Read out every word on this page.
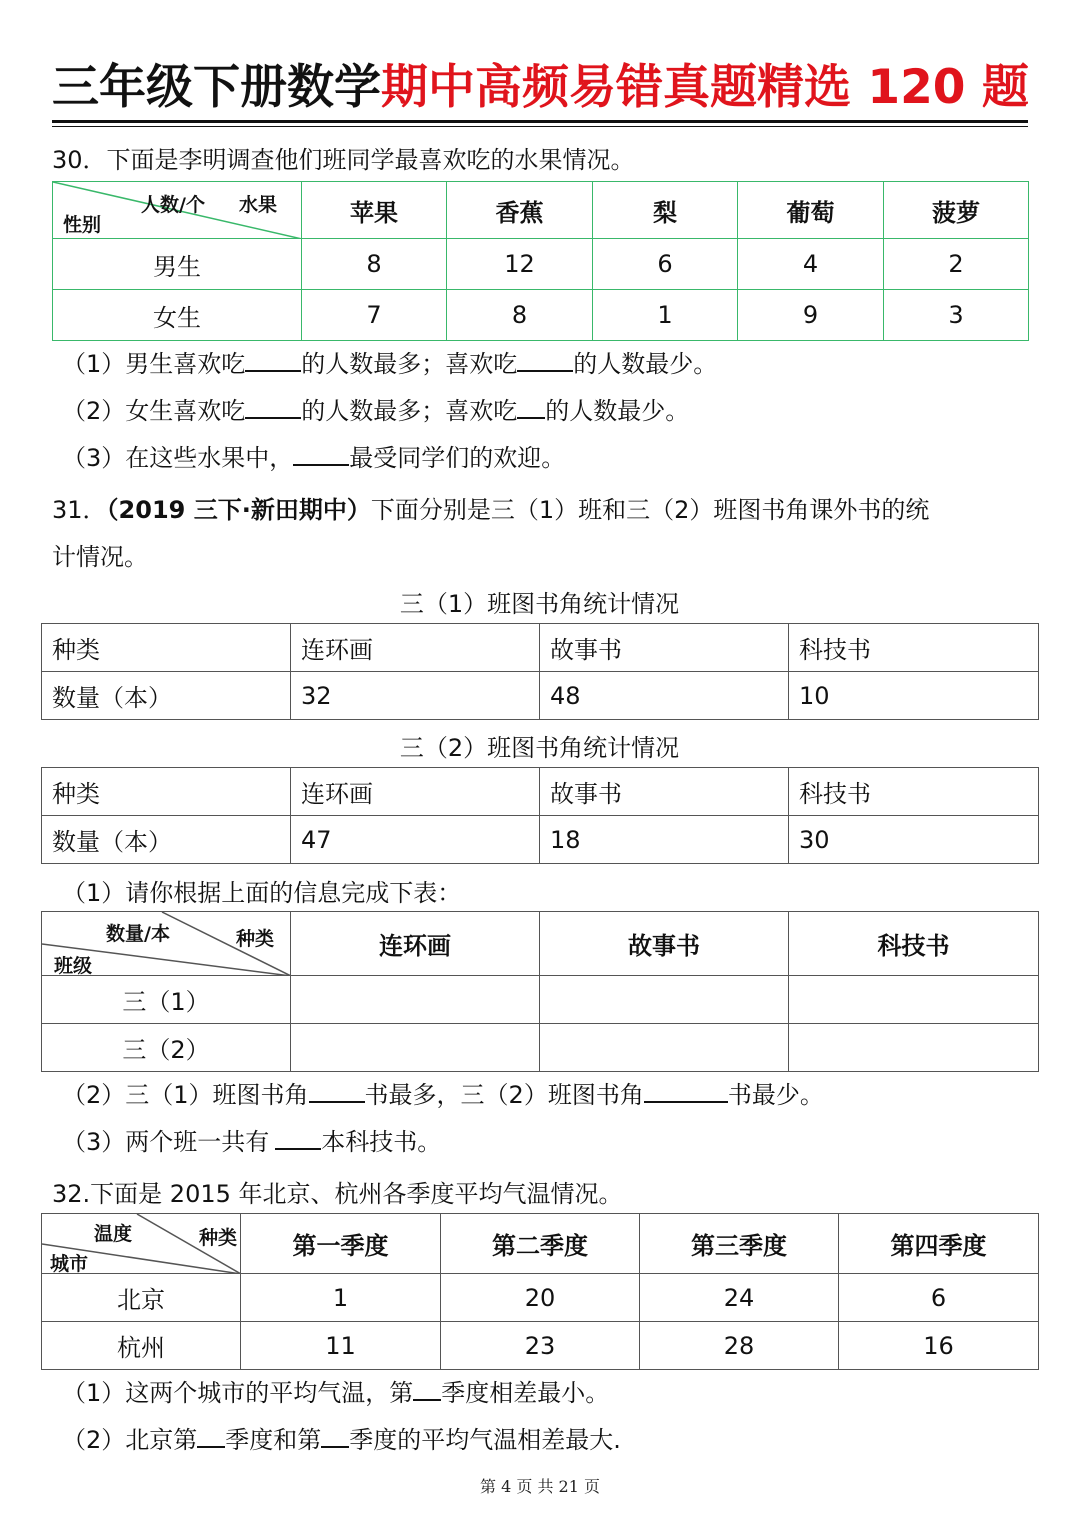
三年级下册数学期中高频易错真题精选 120 题
30．下面是李明调查他们班同学最喜欢吃的水果情况。
人数/个 水果
性别	苹果	香蕉	梨	葡萄	菠萝
男生	8	12	6	4	2
女生	7	8	1	9	3
（1）男生喜欢吃 的人数最多；喜欢吃 的人数最少。
（2）女生喜欢吃 的人数最多；喜欢吃 的人数最少。
（3）在这些水果中， 最受同学们的欢迎。
31．（2019 三下·新田期中）下面分别是三（1）班和三（2）班图书角课外书的统
计情况。
三（1）班图书角统计情况
种类	连环画	故事书	科技书
数量（本）	32	48	10
三（2）班图书角统计情况
种类	连环画	故事书	科技书
数量（本）	47	18	30
（1）请你根据上面的信息完成下表：
数量/本 种类
班级	连环画	故事书	科技书
三（1）			
三（2）			
（2）三（1）班图书角 书最多，三（2）班图书角	书最少。
（3）两个班一共有 本科技书。
32.下面是 2015 年北京、杭州各季度平均气温情况。
温度 种类
城市	第一季度	第二季度	第三季度	第四季度
北京	1	20	24	6
杭州	11	23	28	16
（1）这两个城市的平均气温，第 季度相差最小。
（2）北京第 季度和第 季度的平均气温相差最大.
第 4 页 共 21 页
